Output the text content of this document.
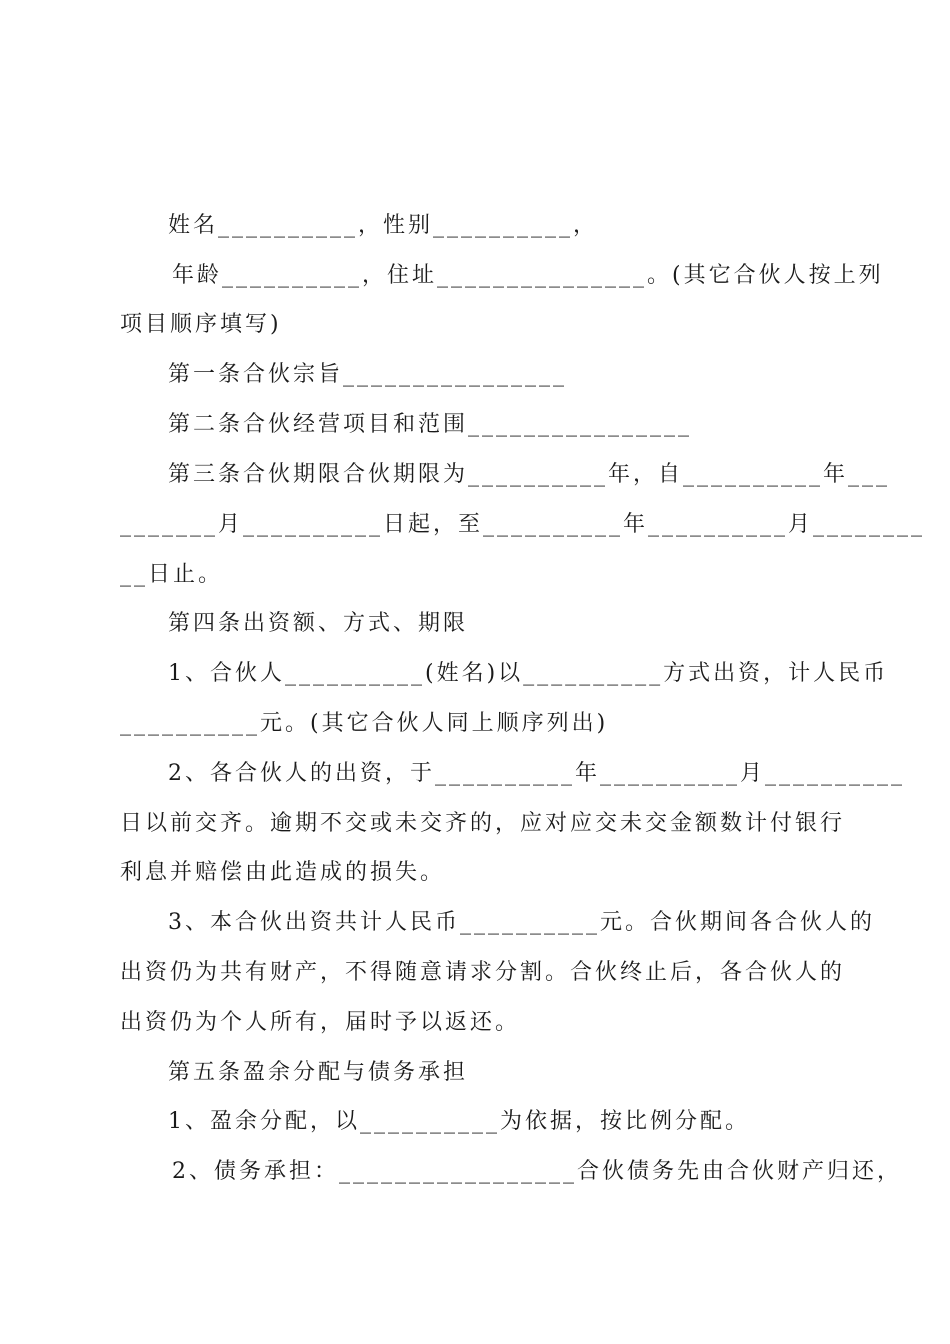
姓名__________，性别__________，
年龄__________，住址_______________。(其它合伙人按上列
项目顺序填写)
第一条合伙宗旨________________
第二条合伙经营项目和范围________________
第三条合伙期限合伙期限为__________年，自__________年___
_______月__________日起，至__________年__________月________
__日止。
第四条出资额、方式、期限
1、合伙人__________(姓名)以__________方式出资，计人民币
__________元。(其它合伙人同上顺序列出)
2、各合伙人的出资，于__________年__________月__________
日以前交齐。逾期不交或未交齐的，应对应交未交金额数计付银行
利息并赔偿由此造成的损失。
3、本合伙出资共计人民币__________元。合伙期间各合伙人的
出资仍为共有财产，不得随意请求分割。合伙终止后，各合伙人的
出资仍为个人所有，届时予以返还。
第五条盈余分配与债务承担
1、盈余分配，以__________为依据，按比例分配。
2、债务承担：_________________合伙债务先由合伙财产归还，
